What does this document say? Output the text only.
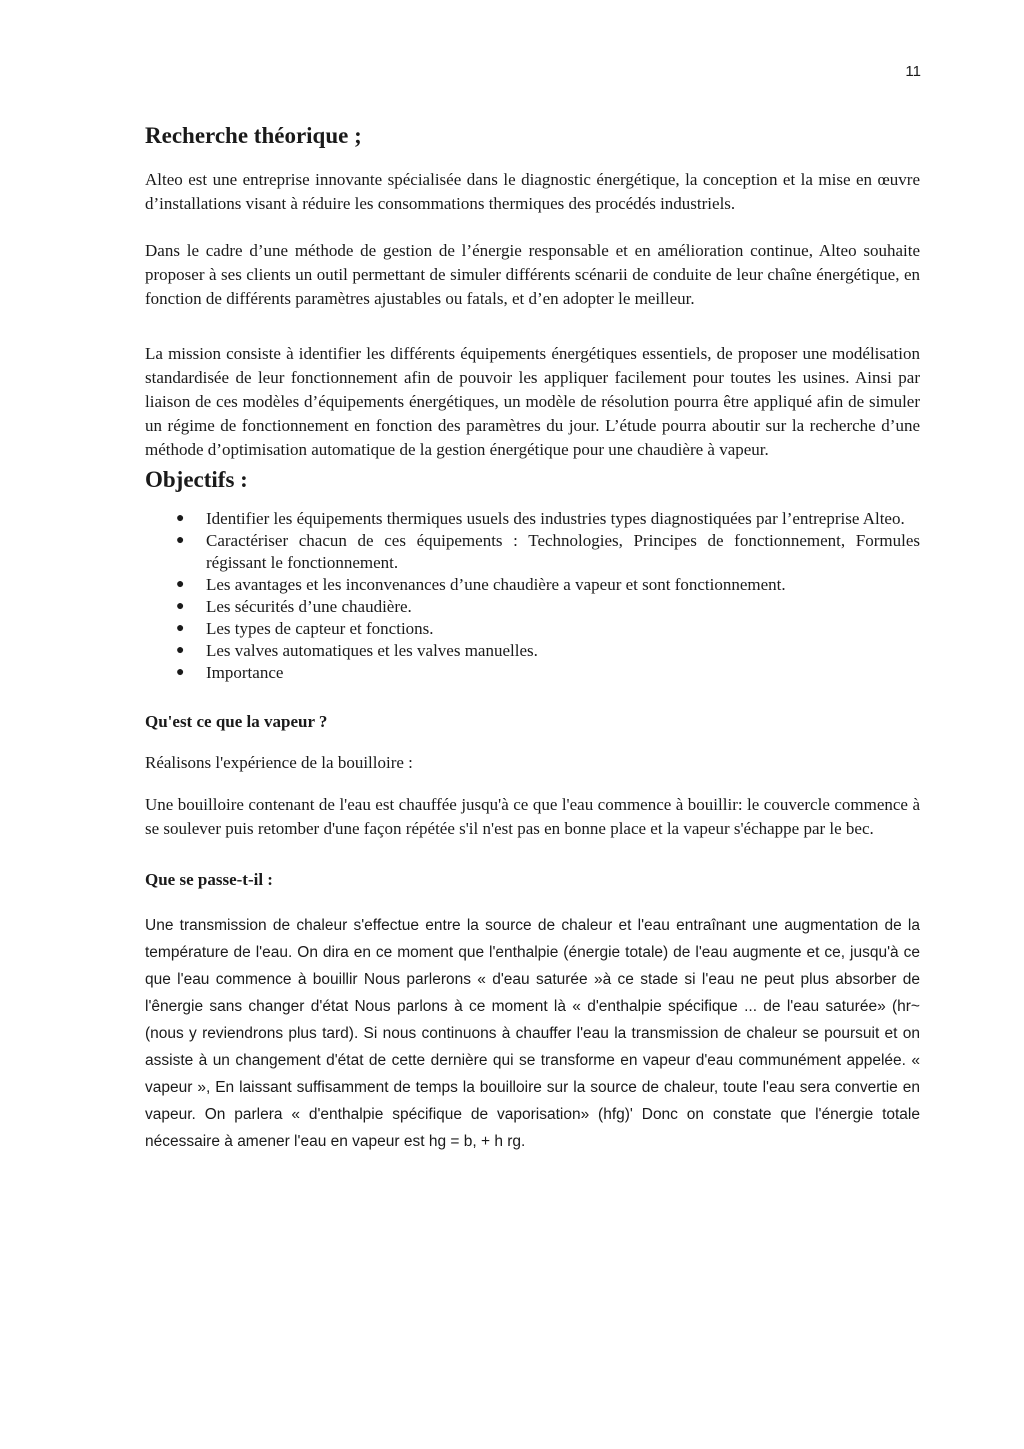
11
Recherche théorique ;

Alteo est une entreprise innovante spécialisée dans le diagnostic énergétique, la conception et la mise en œuvre d’installations visant à réduire les consommations thermiques des procédés industriels.

Dans le cadre d’une méthode de gestion de l’énergie responsable et en amélioration continue, Alteo souhaite proposer à ses clients un outil permettant de simuler différents scénarii de conduite de leur chaîne énergétique, en fonction de différents paramètres ajustables ou fatals, et d’en adopter le meilleur.

La mission consiste à identifier les différents équipements énergétiques essentiels, de proposer une modélisation standardisée de leur fonctionnement afin de pouvoir les appliquer facilement pour toutes les usines. Ainsi par liaison de ces modèles d’équipements énergétiques, un modèle de résolution pourra être appliqué afin de simuler un régime de fonctionnement en fonction des paramètres du jour. L’étude pourra aboutir sur la recherche d’une méthode d’optimisation automatique de la gestion énergétique pour une chaudière à vapeur.

Objectifs :
● Identifier les équipements thermiques usuels des industries types diagnostiquées par l’entreprise Alteo.
● Caractériser chacun de ces équipements : Technologies, Principes de fonctionnement, Formules régissant le fonctionnement.
● Les avantages et les inconvenances d’une chaudière a vapeur et sont fonctionnement.
● Les sécurités d’une chaudière.
● Les types de capteur et fonctions.
● Les valves automatiques et les valves manuelles.
● Importance

Qu'est ce que la vapeur ?

Réalisons l'expérience de la bouilloire :

Une bouilloire contenant de l'eau est chauffée jusqu'à ce que l'eau commence à bouillir: le couvercle commence à se soulever puis retomber d'une façon répétée s'il n'est pas en bonne place et la vapeur s'échappe par le bec.

Que se passe-t-il :

Une transmission de chaleur s'effectue entre la source de chaleur et l'eau entraînant une augmentation de la température de l'eau. On dira en ce moment que l'enthalpie (énergie totale) de l'eau augmente et ce, jusqu'à ce que l'eau commence à bouillir Nous parlerons « d'eau saturée »à ce stade si l'eau ne peut plus absorber de l'ênergie sans changer d'état Nous parlons à ce moment là « d'enthalpie spécifique ... de l'eau saturée» (hr~ (nous y reviendrons plus tard). Si nous continuons à chauffer l'eau la transmission de chaleur se poursuit et on assiste à un changement d'état de cette dernière qui se transforme en vapeur d'eau communément appelée. « vapeur », En laissant suffisamment de temps la bouilloire sur la source de chaleur, toute l'eau sera convertie en vapeur. On parlera « d'enthalpie spécifique de vaporisation» (hfg)' Donc on constate que l'énergie totale nécessaire à amener l'eau en vapeur est hg = b, + h rg.
